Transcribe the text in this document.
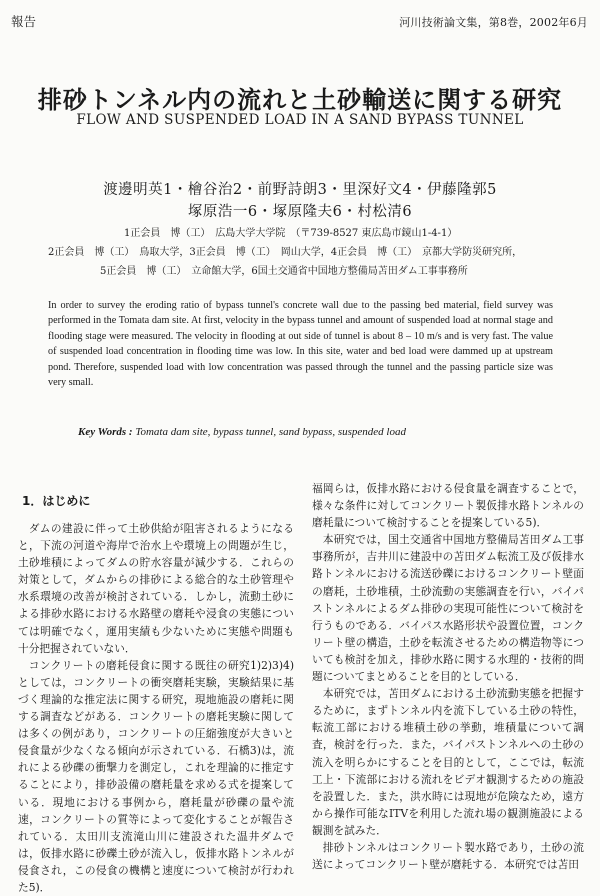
報告	河川技術論文集，第8巻，2002年6月
排砂トンネル内の流れと土砂輸送に関する研究
FLOW AND SUSPENDED LOAD IN A SAND BYPASS TUNNEL
渡邊明英1・檜谷治2・前野詩朗3・里深好文4・伊藤隆郭5
塚原浩一6・塚原隆夫6・村松清6
1正会員　博（工）　広島大学大学院　（〒739-8527 東広島市鏡山1-4-1）
2正会員　博（工）　鳥取大学，3正会員　博（工）　岡山大学，4正会員　博（工）　京都大学防災研究所，
5正会員　博（工）　立命館大学，6国土交通省中国地方整備局苫田ダム工事事務所
In order to survey the eroding ratio of bypass tunnel's concrete wall due to the passing bed material, field survey was performed in the Tomata dam site. At first, velocity in the bypass tunnel and amount of suspended load at normal stage and flooding stage were measured. The velocity in flooding at out side of tunnel is about 8 – 10 m/s and is very fast. The value of suspended load concentration in flooding time was low. In this site, water and bed load were dammed up at upstream pond. Therefore, suspended load with low concentration was passed through the tunnel and the passing particle size was very small.
Key Words : Tomata dam site, bypass tunnel, sand bypass, suspended load
1．はじめに

ダムの建設に伴って土砂供給が阻害されるようになると，下流の河道や海岸で治水上や環境上の問題が生じ，土砂堆積によってダムの貯水容量が減少する．これらの対策として，ダムからの排砂による総合的な土砂管理や水系環境の改善が検討されている．しかし，流動土砂による排砂水路における水路壁の磨耗や浸食の実態については明確でなく，運用実績も少ないために実態や問題も十分把握されていない．

コンクリートの磨耗侵食に関する既往の研究1)2)3)4)としては，コンクリートの衝突磨耗実験，実験結果に基づく理論的な推定法に関する研究，現地施設の磨耗に関する調査などがある．コンクリートの磨耗実験に関しては多くの例があり，コンクリートの圧縮強度が大きいと侵食量が少なくなる傾向が示されている．石橋3)は，流れによる砂礫の衝撃力を測定し，これを理論的に推定することにより，排砂設備の磨耗量を求める式を提案している．現地における事例から，磨耗量が砂礫の量や流速，コンクリートの質等によって変化することが報告されている．太田川支流滝山川に建設された温井ダムでは，仮排水路に砂礫土砂が流入し，仮排水路トンネルが侵食され，この侵食の機構と速度について検討が行われた5)．

福岡らは，仮排水路における侵食量を調査することで，様々な条件に対してコンクリート製仮排水路トンネルの磨耗量について検討することを提案している5)．

本研究では，国土交通省中国地方整備局苫田ダム工事事務所が，吉井川に建設中の苫田ダム転流工及び仮排水路トンネルにおける流送砂礫におけるコンクリート壁面の磨耗，土砂堆積，土砂流動の実態調査を行い，バイパストンネルによるダム排砂の実現可能性について検討を行うものである．バイパス水路形状や設置位置，コンクリート壁の構造，土砂を転流させるための構造物等についても検討を加え，排砂水路に関する水理的・技術的問題についてまとめることを目的としている．

本研究では，苫田ダムにおける土砂流動実態を把握するために，まずトンネル内を流下している土砂の特性，転流工部における堆積土砂の挙動，堆積量について調査，検討を行った．また，バイパストンネルへの土砂の流入を明らかにすることを目的として，ここでは，転流工上・下流部における流れをビデオ観測するための施設を設置した．また，洪水時には現地が危険なため，遠方から操作可能なITVを利用した流れ場の観測施設による観測を試みた．

排砂トンネルはコンクリート製水路であり，土砂の流送によってコンクリート壁が磨耗する．本研究では苫田
